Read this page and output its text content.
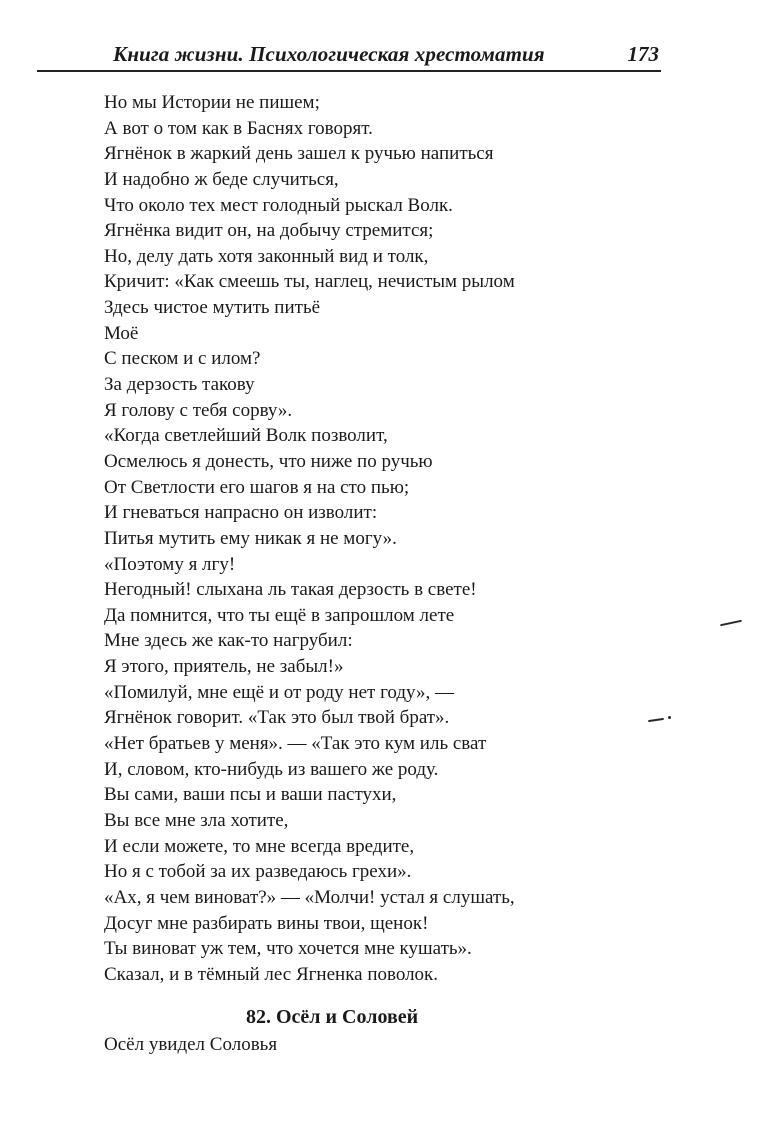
Книга жизни. Психологическая хрестоматия	173
Но мы Истории не пишем;
А вот о том как в Баснях говорят.
Ягнёнок в жаркий день зашел к ручью напиться
И надобно ж беде случиться,
Что около тех мест голодный рыскал Волк.
Ягнёнка видит он, на добычу стремится;
Но, делу дать хотя законный вид и толк,
Кричит: «Как смеешь ты, наглец, нечистым рылом
Здесь чистое мутить питьё
Моё
С песком и с илом?
За дерзость такову
Я голову с тебя сорву».
«Когда светлейший Волк позволит,
Осмелюсь я донесть, что ниже по ручью
От Светлости его шагов я на сто пью;
И гневаться напрасно он изволит:
Питья мутить ему никак я не могу».
«Поэтому я лгу!
Негодный! слыхана ль такая дерзость в свете!
Да помнится, что ты ещё в запрошлом лете
Мне здесь же как-то нагрубил:
Я этого, приятель, не забыл!»
«Помилуй, мне ещё и от роду нет году», —
Ягнёнок говорит. «Так это был твой брат».
«Нет братьев у меня». — «Так это кум иль сват
И, словом, кто-нибудь из вашего же роду.
Вы сами, ваши псы и ваши пастухи,
Вы все мне зла хотите,
И если можете, то мне всегда вредите,
Но я с тобой за их разведаюсь грехи».
«Ах, я чем виноват?» — «Молчи! устал я слушать,
Досуг мне разбирать вины твои, щенок!
Ты виноват уж тем, что хочется мне кушать».
Сказал, и в тёмный лес Ягненка поволок.
82. Осёл и Соловей
Осёл увидел Соловья
